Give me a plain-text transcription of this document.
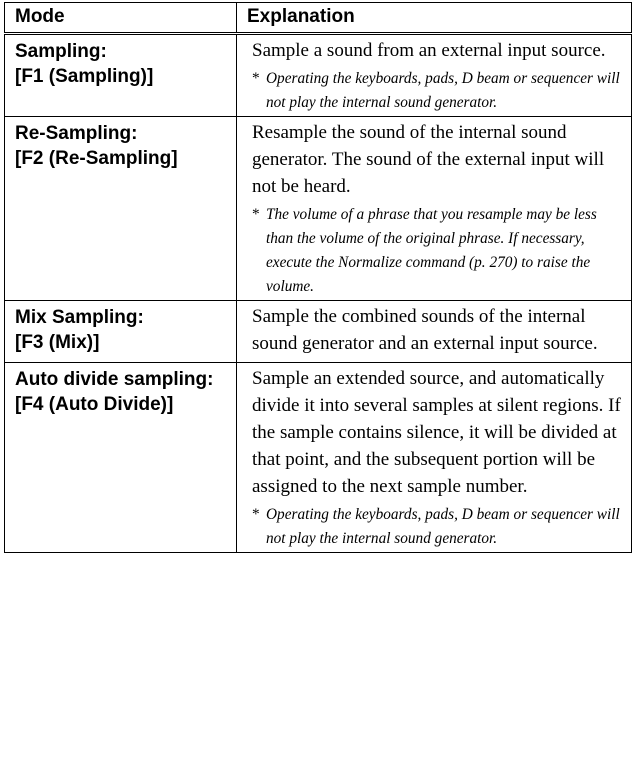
Mode	Explanation

Sampling:
[F1 (Sampling)]	Sample a sound from an external input source.
* Operating the keyboards, pads, D beam or sequencer will not play the internal sound generator.

Re-Sampling:
[F2 (Re-Sampling]	Resample the sound of the internal sound generator. The sound of the external input will not be heard.
* The volume of a phrase that you resample may be less than the volume of the original phrase. If necessary, execute the Normalize command (p. 270) to raise the volume.

Mix Sampling:
[F3 (Mix)]	Sample the combined sounds of the internal sound generator and an external input source.

Auto divide sampling:
[F4 (Auto Divide)]	Sample an extended source, and automatically divide it into several samples at silent regions. If the sample contains silence, it will be divided at that point, and the subsequent portion will be assigned to the next sample number.
* Operating the keyboards, pads, D beam or sequencer will not play the internal sound generator.
